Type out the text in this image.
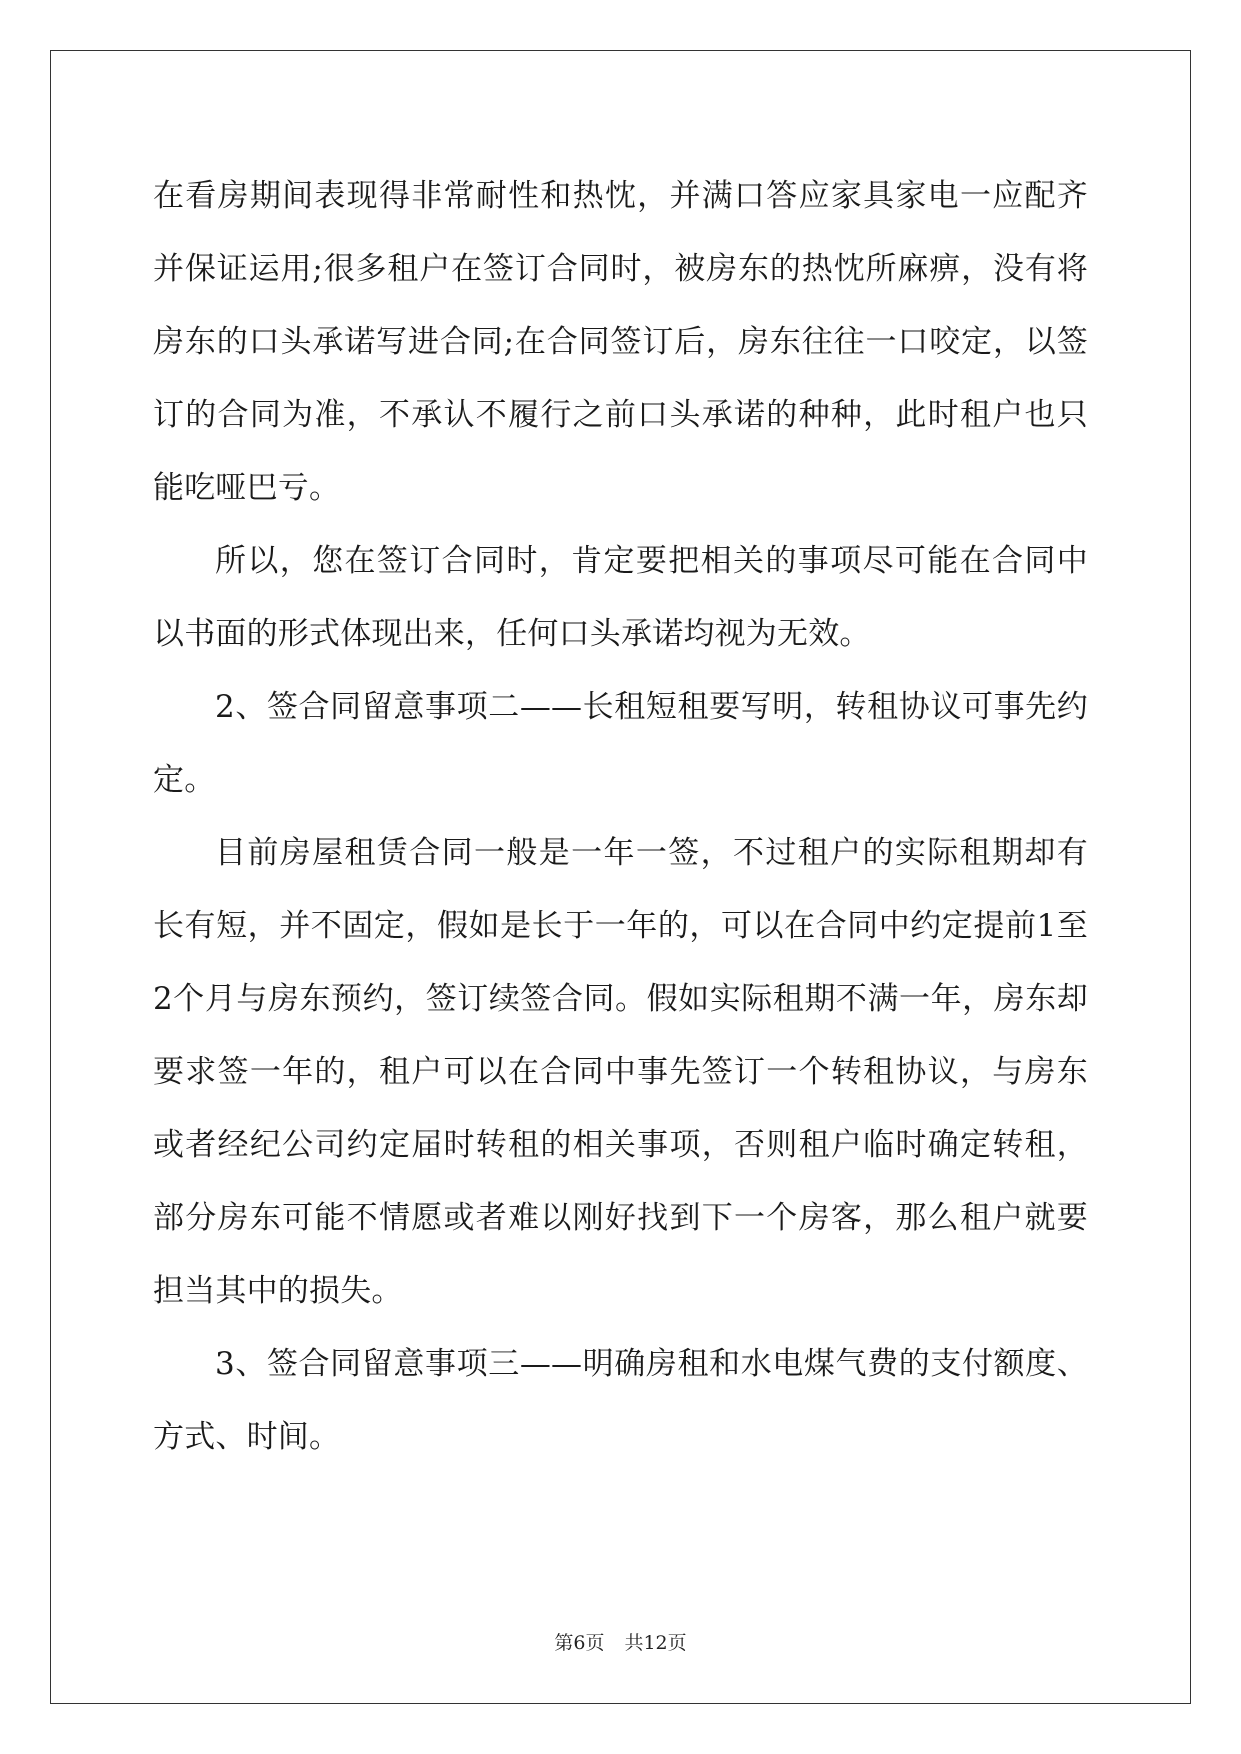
在看房期间表现得非常耐性和热忱，并满口答应家具家电一应配齐并保证运用;很多租户在签订合同时，被房东的热忱所麻痹，没有将房东的口头承诺写进合同;在合同签订后，房东往往一口咬定，以签订的合同为准，不承认不履行之前口头承诺的种种，此时租户也只能吃哑巴亏。

所以，您在签订合同时，肯定要把相关的事项尽可能在合同中以书面的形式体现出来，任何口头承诺均视为无效。

2、签合同留意事项二——长租短租要写明，转租协议可事先约定。

目前房屋租赁合同一般是一年一签，不过租户的实际租期却有长有短，并不固定，假如是长于一年的，可以在合同中约定提前1至2个月与房东预约，签订续签合同。假如实际租期不满一年，房东却要求签一年的，租户可以在合同中事先签订一个转租协议，与房东或者经纪公司约定届时转租的相关事项，否则租户临时确定转租，部分房东可能不情愿或者难以刚好找到下一个房客，那么租户就要担当其中的损失。

3、签合同留意事项三——明确房租和水电煤气费的支付额度、方式、时间。

第6页 共12页
